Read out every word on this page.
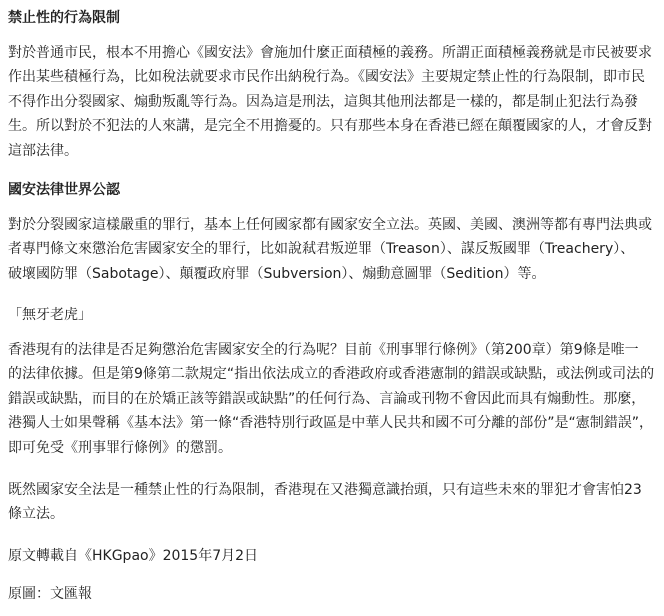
禁止性的行為限制

對於普通市民，根本不用擔心《國安法》會施加什麼正面積極的義務。所謂正面積極義務就是市民被要求
作出某些積極行為，比如稅法就要求市民作出納稅行為。《國安法》主要規定禁止性的行為限制，即市民
不得作出分裂國家、煽動叛亂等行為。因為這是刑法，這與其他刑法都是一樣的，都是制止犯法行為發
生。所以對於不犯法的人來講，是完全不用擔憂的。只有那些本身在香港已經在顛覆國家的人，才會反對
這部法律。

國安法律世界公認

對於分裂國家這樣嚴重的罪行，基本上任何國家都有國家安全立法。英國、美國、澳洲等都有專門法典或
者專門條文來懲治危害國家安全的罪行，比如說弒君叛逆罪（Treason）、謀反叛國罪（Treachery）、
破壞國防罪（Sabotage）、顛覆政府罪（Subversion）、煽動意圖罪（Sedition）等。

「無牙老虎」

香港現有的法律是否足夠懲治危害國家安全的行為呢？目前《刑事罪行條例》（第200章）第9條是唯一
的法律依據。但是第9條第二款規定“指出依法成立的香港政府或香港憲制的錯誤或缺點，或法例或司法的
錯誤或缺點，而目的在於矯正該等錯誤或缺點”的任何行為、言論或刊物不會因此而具有煽動性。那麼，
港獨人士如果聲稱《基本法》第一條“香港特別行政區是中華人民共和國不可分離的部份”是“憲制錯誤”，
即可免受《刑事罪行條例》的懲罰。

既然國家安全法是一種禁止性的行為限制，香港現在又港獨意識抬頭，只有這些未來的罪犯才會害怕23
條立法。

原文轉載自《HKGpao》2015年7月2日

原圖：文匯報
